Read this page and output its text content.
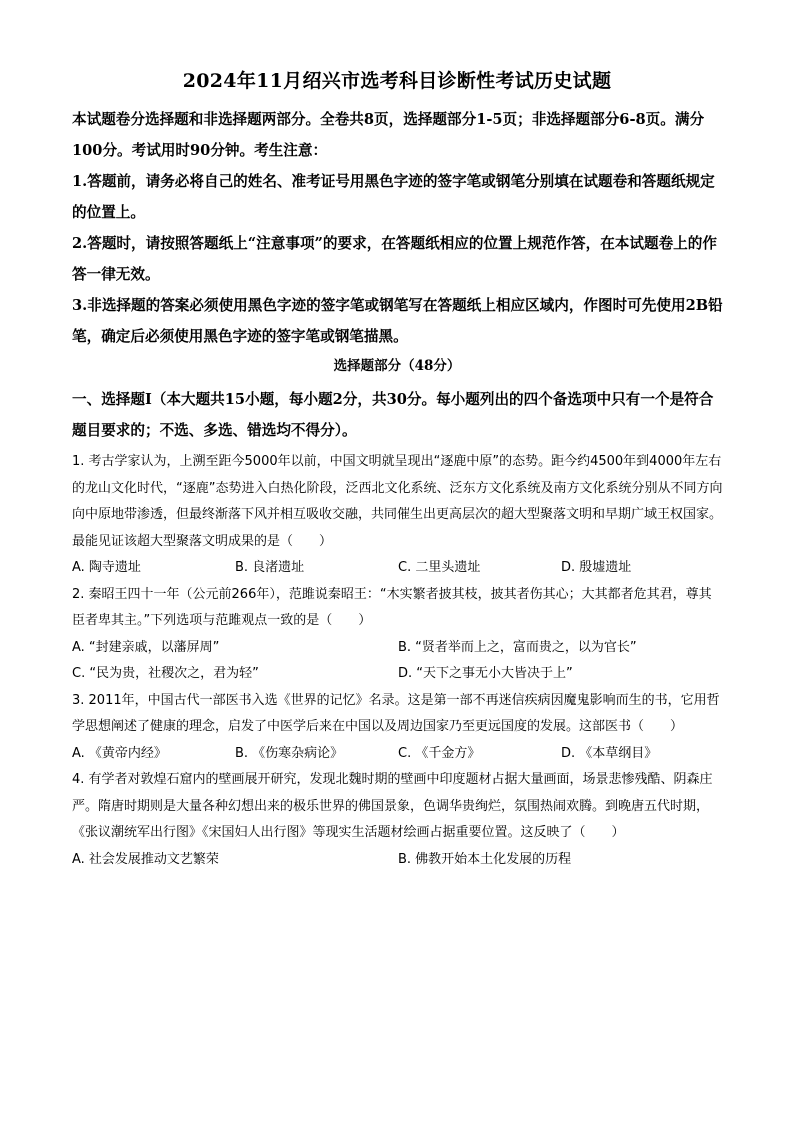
2024年11月绍兴市选考科目诊断性考试历史试题

本试题卷分选择题和非选择题两部分。全卷共8页，选择题部分1-5页；非选择题部分6-8页。满分100分。考试用时90分钟。考生注意：

1.答题前，请务必将自己的姓名、准考证号用黑色字迹的签字笔或钢笔分别填在试题卷和答题纸规定的位置上。

2.答题时，请按照答题纸上“注意事项”的要求，在答题纸相应的位置上规范作答，在本试题卷上的作答一律无效。

3.非选择题的答案必须使用黑色字迹的签字笔或钢笔写在答题纸上相应区域内，作图时可先使用2B铅笔，确定后必须使用黑色字迹的签字笔或钢笔描黑。

选择题部分（48分）

一、选择题Ⅰ（本大题共15小题，每小题2分，共30分。每小题列出的四个备选项中只有一个是符合题目要求的；不选、多选、错选均不得分）。

1. 考古学家认为，上溯至距今5000年以前，中国文明就呈现出“逐鹿中原”的态势。距今约4500年到4000年左右的龙山文化时代，“逐鹿”态势进入白热化阶段，泛西北文化系统、泛东方文化系统及南方文化系统分别从不同方向向中原地带渗透，但最终渐落下风并相互吸收交融，共同催生出更高层次的超大型聚落文明和早期广域王权国家。最能见证该超大型聚落文明成果的是（　　）

A. 陶寺遗址	B. 良渚遗址	C. 二里头遗址	D. 殷墟遗址

2. 秦昭王四十一年（公元前266年），范雎说秦昭王：“木实繁者披其枝，披其者伤其心；大其都者危其君，尊其臣者卑其主。”下列选项与范雎观点一致的是（　　）

A. “封建亲戚，以藩屏周”	B. “贤者举而上之，富而贵之，以为官长”
C. “民为贵，社稷次之，君为轻”	D. “天下之事无小大皆决于上”

3. 2011年，中国古代一部医书入选《世界的记忆》名录。这是第一部不再迷信疾病因魔鬼影响而生的书，它用哲学思想阐述了健康的理念，启发了中医学后来在中国以及周边国家乃至更远国度的发展。这部医书（　　）

A. 《黄帝内经》	B. 《伤寒杂病论》	C. 《千金方》	D. 《本草纲目》

4. 有学者对敦煌石窟内的壁画展开研究，发现北魏时期的壁画中印度题材占据大量画面，场景悲惨残酷、阴森庄严。隋唐时期则是大量各种幻想出来的极乐世界的佛国景象，色调华贵绚烂，氛围热闹欢腾。到晚唐五代时期，《张议潮统军出行图》《宋国妇人出行图》等现实生活题材绘画占据重要位置。这反映了（　　）

A. 社会发展推动文艺繁荣	B. 佛教开始本土化发展的历程
